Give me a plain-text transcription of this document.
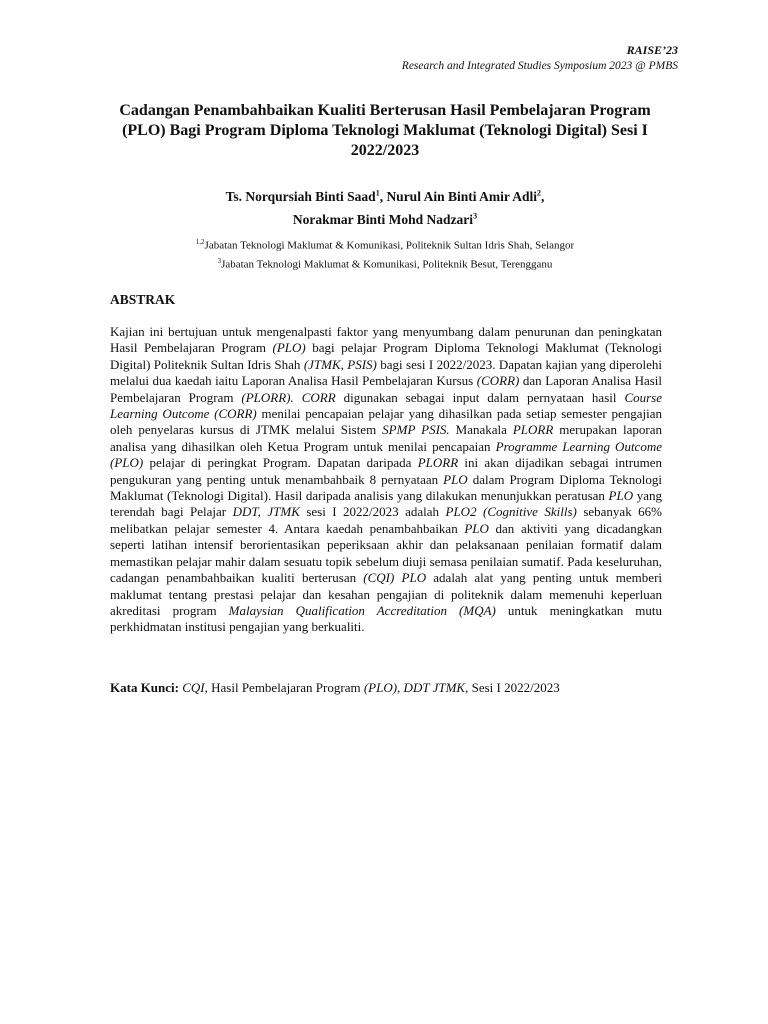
RAISE’23
Research and Integrated Studies Symposium 2023 @ PMBS
Cadangan Penambahbaikan Kualiti Berterusan Hasil Pembelajaran Program (PLO) Bagi Program Diploma Teknologi Maklumat (Teknologi Digital) Sesi I 2022/2023
Ts. Norqursiah Binti Saad$^1$, Nurul Ain Binti Amir Adli$^2$,
Norakmar Binti Mohd Nadzari$^3$
$^{1,2}$Jabatan Teknologi Maklumat & Komunikasi, Politeknik Sultan Idris Shah, Selangor
$^3$Jabatan Teknologi Maklumat & Komunikasi, Politeknik Besut, Terengganu
ABSTRAK

Kajian ini bertujuan untuk mengenalpasti faktor yang menyumbang dalam penurunan dan peningkatan Hasil Pembelajaran Program (PLO) bagi pelajar Program Diploma Teknologi Maklumat (Teknologi Digital) Politeknik Sultan Idris Shah (JTMK, PSIS) bagi sesi I 2022/2023. Dapatan kajian yang diperolehi melalui dua kaedah iaitu Laporan Analisa Hasil Pembelajaran Kursus (CORR) dan Laporan Analisa Hasil Pembelajaran Program (PLORR). CORR digunakan sebagai input dalam pernyataan hasil Course Learning Outcome (CORR) menilai pencapaian pelajar yang dihasilkan pada setiap semester pengajian oleh penyelaras kursus di JTMK melalui Sistem SPMP PSIS. Manakala PLORR merupakan laporan analisa yang dihasilkan oleh Ketua Program untuk menilai pencapaian Programme Learning Outcome (PLO) pelajar di peringkat Program. Dapatan daripada PLORR ini akan dijadikan sebagai intrumen pengukuran yang penting untuk menambahbaik 8 pernyataan PLO dalam Program Diploma Teknologi Maklumat (Teknologi Digital). Hasil daripada analisis yang dilakukan menunjukkan peratusan PLO yang terendah bagi Pelajar DDT, JTMK sesi I 2022/2023 adalah PLO2 (Cognitive Skills) sebanyak 66% melibatkan pelajar semester 4. Antara kaedah penambahbaikan PLO dan aktiviti yang dicadangkan seperti latihan intensif berorientasikan peperiksaan akhir dan pelaksanaan penilaian formatif dalam memastikan pelajar mahir dalam sesuatu topik sebelum diuji semasa penilaian sumatif. Pada keseluruhan, cadangan penambahbaikan kualiti berterusan (CQI) PLO adalah alat yang penting untuk memberi maklumat tentang prestasi pelajar dan kesahan pengajian di politeknik dalam memenuhi keperluan akreditasi program Malaysian Qualification Accreditation (MQA) untuk meningkatkan mutu perkhidmatan institusi pengajian yang berkualiti.

Kata Kunci: CQI, Hasil Pembelajaran Program (PLO), DDT JTMK, Sesi I 2022/2023
